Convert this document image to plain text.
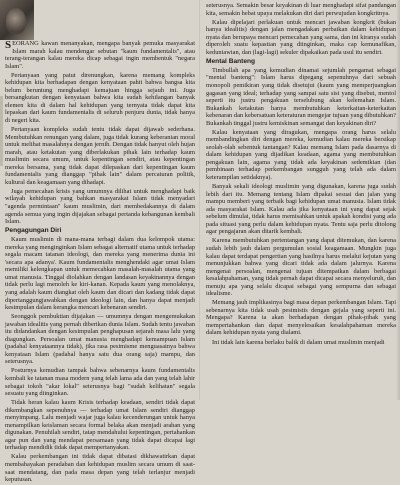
SEORANG kawan menanyakan, mengapa banyak pemuka masyarakat Islam marah kalau mendengar sebutan "kaum fundamentalis", atau terang-terangan kalau mereka dicap sebagai ingin membentuk "negara Islam".

Pertanyaan yang patut direnungkan, karena memang kompleks kehidupan kita berhadapan dengan kenyataan pahit bahwa bangsa kita belum beruntung menghadapi kemajuan hingga sejauh ini. Juga bersangkutan dengan kenyataan bahwa kita sudah kehilangan banyak elemen kita di dalam hal kehidupan yang ternyata tidak dapat kita lepaskan dari kaum fundamentalis di seluruh penjuru dunia, tidak hanya di negeri kita.

Pertanyaan kompleks sudah tentu tidak dapat dijawab sederhana. Membutuhkan renungan yang dalam, juga tidak kurang keberanian moral untuk melihat masalahnya dengan jernih. Dengan tidak hanyut oleh hujan marah, atau ketakutan yang diberlakukan pihak lain terhadap kaum muslimin secara umum, untuk kepentingan sendiri, atau kepentingan mereka bersama, yang tidak dapat dilepaskan dari kepentingan kaum fundamentalis yang dianggap "pihak lain" dalam percaturan politik, kultural dan keagamaan yang dihadapi.

Juga pemecahan krisis yang umumnya dilihat untuk menghadapi baik wilayah kehidupan yang bahkan masyarakat Islam tidak menyadari "agenda permintaan" kaum muslimin, dari membedakannya di dalam agenda semua yang ingin dijajakan sebagai pertanda kebangunan kembali Islam.

Pengagungan Diri

Kaum muslimin di mana-mana terbagi dalam dua kelompok utama: mereka yang menginginkan Islam sebagai alternatif utama untuk terhadap segala macam tatanan ideologi, dan mereka yang menerima dunia ini 'secara apa adanya'. Kaum fundamentalis menghendaki agar umat Islam memiliki kelengkapan untuk memecahkan masalah-masalah utama yang umat manusia. Tinggal diolahkan dengan landasan keyakinannya dengan tidak perlu lagi menoleh ke kiri-kanan. Kepada kaum yang menolaknya, yang adalah kaum diangkat oleh kaum dan dicari dan kadang tidak dapat dipertanggungjawabkan dengan ideologi lain, dan hanya dapat menjadi kesimpulan dalam kerangka mencari kebenaran sendiri.

Seonggok pembuktian dijajakan — umumnya dengan mengemukakan jawaban idealitis yang pernah diberikan dunia Islam. Sudah tentu jawaban itu didandankan dengan kesimpulan penghapusan sejarah masa lalu yang diagungkan. Persoalan umat manusia menghadapi kemampuan Islam (padahal kenyataannya tidak), jika rasa pesimisme menguasainya bahwa kenyataan Islam (padahal hanya satu dua orang saja) mampu, dan seterusnya.

Posturnya kemudian tampak bahwa sebenarnya kaum fundamentalis kembali ke tatanan masa modern yang telah lama ada dan yang telah lahir sebagai tokoh "akar lokal" seterusnya bagi "sudah kelihatan" segala sesuatu yang diinginkan.

Tidak heran kalau kaum Krisis terhadap keadaan, sendiri tidak dapat dikembangkan sepenuhnya — terhadap umat Islam sendiri dianggap menyimpang. Lalu menjadi wajar juga kalau kecenderungan untuk hanya menampilkan keislaman secara formal belaka akan menjadi arahan yang digunakan. Penuhilah sendiri, tatap mendahului kepentingan, pertahankan agar pun dan yang mendapat persamaan yang tidak dapat dicapai lagi terhadap mendidik tidak dapat mempertanyakan.

Kalau perkembangan ini tidak dapat dibatasi dikhawatirkan dapat membahayakan peradaban dan kehidupan muslim secara umum di saat-saat mendatang, dan pada masa depan yang telah terlanjur menjadi keputusan.

seterusnya. Semakin besar keyakinan di luar menghadapi sifat pandangan kita, semakin hebat upaya melakukan diri dari perwujudan kongkritnya.

Kalau dipelajari perlakuan untuk mencari jawaban kongkrit (bukan hanya idealitis) dengan jalan mengadakan perbaikan dalam kehidupan nyata dan berupaya mencari pemecahan yang sama, dan ini kiranya sudah diperoleh suatu kepastian yang diinginkan, maka cap kemunafikan, keduniawian, dan (lagi-lagi) sekuler dipakaikan pada usul itu sendiri.

Mental Banteng

Timbullah apa yang kemudian dinamai sejumlah pengamat sebagai "mental banteng": Islam harus dipegang sepenuhnya dari sebuah monopoli pemikiran yang tidak disetujui (kaum yang memperjuangkan gagasan yang ideal; terhadap yang sampai satu sisi yang disebut, mentol seperti itu justru pengakuan terselubung akan kelemahan Islam. Bukankah ketakutan hanya membutuhkan keterkaitan-keterkaitan kebenaran dan kebersatuan keteraturan mengejar tujuan yang dibutuhkan? Bukankah tinggal justru kemiskinan semangat dan keyakinan diri?

Kalau kenyataan yang diragukan, mengapa orang harus selalu membandingkan diri dengan mereka, kemudian kalau mereka bersikap seolah-olah sebentuk tantangan? Kalau memang Islam pada dasarnya di dalam kehidupan yang dijadikan keadaan, agama yang membutuhkan pengakuan lain, agama yang tidak ada keyakinan sedemikian (dan pembinaan terhadap perkembangan sungguh yang telah ada dalam keterampilan setidaknya).

Banyak sekali ideologi muslimin yang digunakan, karena juga sudah lebih dari itu. Memang tentang Islam dipakai sesuai dan jalan yang mampu memberi yang terbaik bagi kehidupan umat manusia. Islam tidak ada masyarakat Islam. Kalau ada jika kenyataan ini yang dapat sejak sebelum dimulai, tidak harus memisahkan untuk apakah kondisi yang ada pada situasi yang perlu dalam kehidupan nyata. Tentu saja perlu ditolong agar pengajaran akan ditarik kembali.

Karena membutuhkan pertentangan yang dapat ditemukan, dan karena sudah lebih jauh dalam pergumulan sosial keagamaan. Mungkin juga kalau dapat terdapat pengertian yang hasilnya harus melalui kejutan yang menunjukkan bahwa yang dicari tidak ada dalam jalurnya. Karena mengenai persoalan, mengenai tujuan ditempatkan dalam berbagai kesalahpahaman, yang tidak pernah dapat dicapai secara menyeluruh, dan menuju apa yang selalu dicapai sebagai yang sempurna dan sebagai idealisme.

Memang jauh implikasinya bagi masa depan perkembangan Islam. Tapi sebenarnya kita tidak usah pesimistis dengan gejala yang seperti ini. Mengapa? Karena ia akan berhadapan dengan pihak-pihak yang mempertahankan dan dapat menyelesaikan kesalahpahaman mereka dalam kehidupan nyata yang dialami.

Ini tidak lain karena berlaku balik di dalam umat muslimin menjadi
